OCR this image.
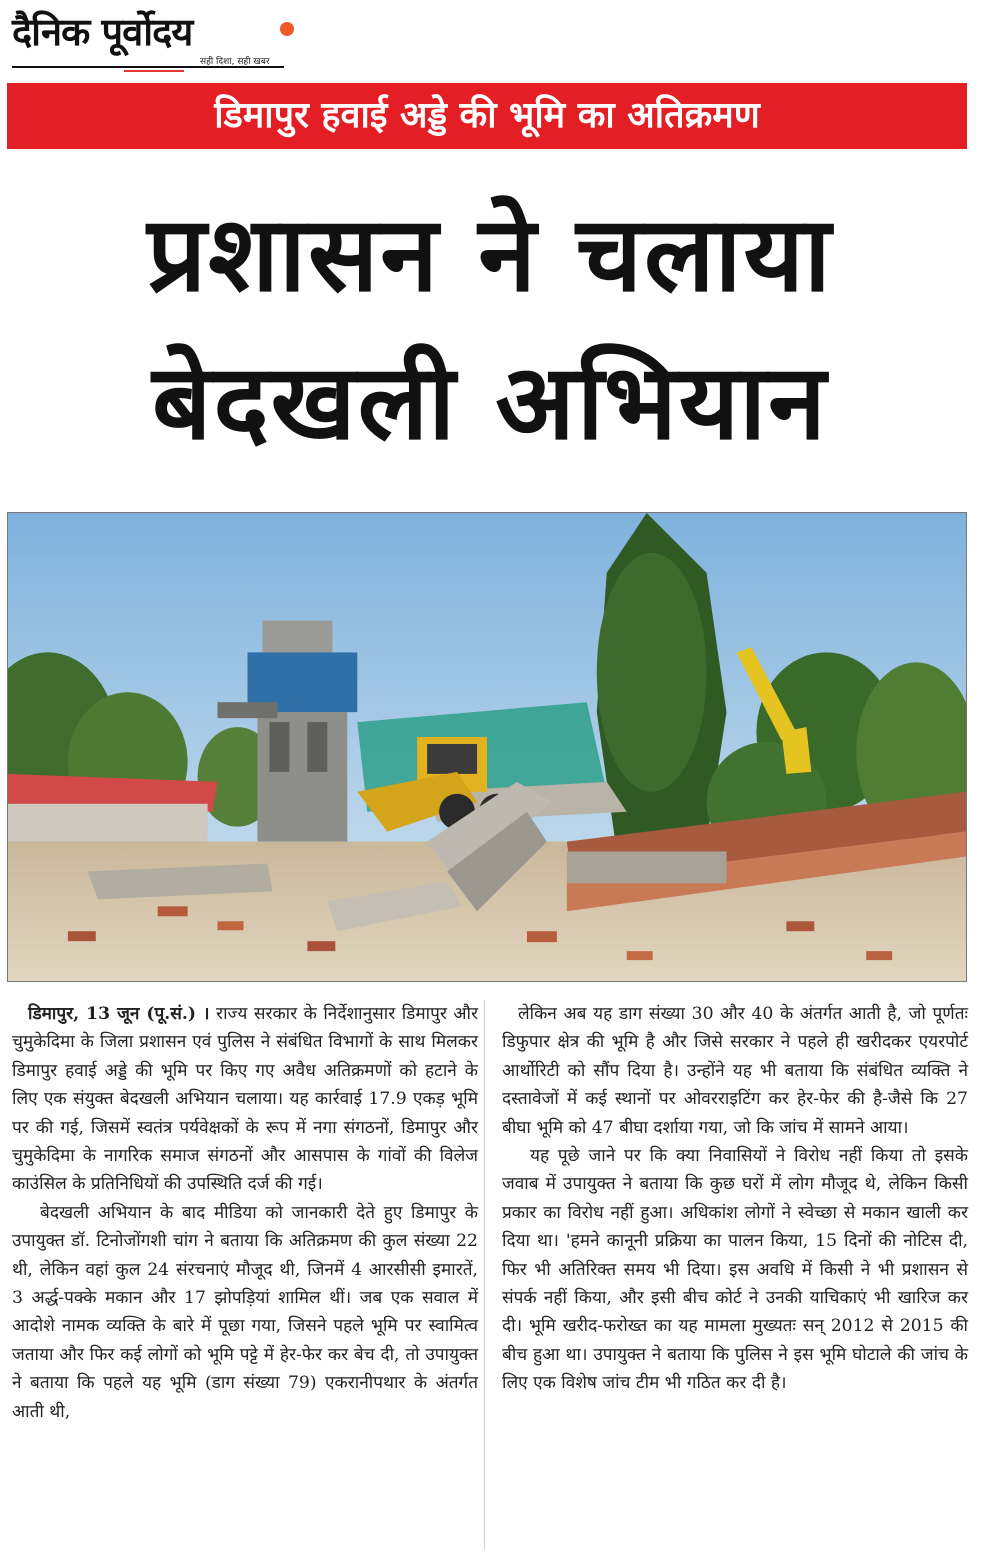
दैनिक पूर्वोदय
सही दिशा, सही खबर
डिमापुर हवाई अड्डे की भूमि का अतिक्रमण
प्रशासन ने चलाया
बेदखली अभियान

डिमापुर, 13 जून (पू.सं.) । राज्य सरकार के निर्देशानुसार डिमापुर और चुमुकेदिमा के जिला प्रशासन एवं पुलिस ने संबंधित विभागों के साथ मिलकर डिमापुर हवाई अड्डे की भूमि पर किए गए अवैध अतिक्रमणों को हटाने के लिए एक संयुक्त बेदखली अभियान चलाया। यह कार्रवाई 17.9 एकड़ भूमि पर की गई, जिसमें स्वतंत्र पर्यवेक्षकों के रूप में नगा संगठनों, डिमापुर और चुमुकेदिमा के नागरिक समाज संगठनों और आसपास के गांवों की विलेज काउंसिल के प्रतिनिधियों की उपस्थिति दर्ज की गई।

बेदखली अभियान के बाद मीडिया को जानकारी देते हुए डिमापुर के उपायुक्त डॉ. टिनोजोंगशी चांग ने बताया कि अतिक्रमण की कुल संख्या 22 थी, लेकिन वहां कुल 24 संरचनाएं मौजूद थी, जिनमें 4 आरसीसी इमारतें, 3 अर्द्ध-पक्के मकान और 17 झोपड़ियां शामिल थीं। जब एक सवाल में आदोशे नामक व्यक्ति के बारे में पूछा गया, जिसने पहले भूमि पर स्वामित्व जताया और फिर कई लोगों को भूमि पट्टे में हेर-फेर कर बेच दी, तो उपायुक्त ने बताया कि पहले यह भूमि (डाग संख्या 79) एकरानीपथार के अंतर्गत आती थी,

लेकिन अब यह डाग संख्या 30 और 40 के अंतर्गत आती है, जो पूर्णतः डिफुपार क्षेत्र की भूमि है और जिसे सरकार ने पहले ही खरीदकर एयरपोर्ट आर्थोरिटी को सौंप दिया है। उन्होंने यह भी बताया कि संबंधित व्यक्ति ने दस्तावेजों में कई स्थानों पर ओवरराइटिंग कर हेर-फेर की है-जैसे कि 27 बीघा भूमि को 47 बीघा दर्शाया गया, जो कि जांच में सामने आया।

यह पूछे जाने पर कि क्या निवासियों ने विरोध नहीं किया तो इसके जवाब में उपायुक्त ने बताया कि कुछ घरों में लोग मौजूद थे, लेकिन किसी प्रकार का विरोध नहीं हुआ। अधिकांश लोगों ने स्वेच्छा से मकान खाली कर दिया था। 'हमने कानूनी प्रक्रिया का पालन किया, 15 दिनों की नोटिस दी, फिर भी अतिरिक्त समय भी दिया। इस अवधि में किसी ने भी प्रशासन से संपर्क नहीं किया, और इसी बीच कोर्ट ने उनकी याचिकाएं भी खारिज कर दी। भूमि खरीद-फरोख्त का यह मामला मुख्यतः सन् 2012 से 2015 की बीच हुआ था। उपायुक्त ने बताया कि पुलिस ने इस भूमि घोटाले की जांच के लिए एक विशेष जांच टीम भी गठित कर दी है।
